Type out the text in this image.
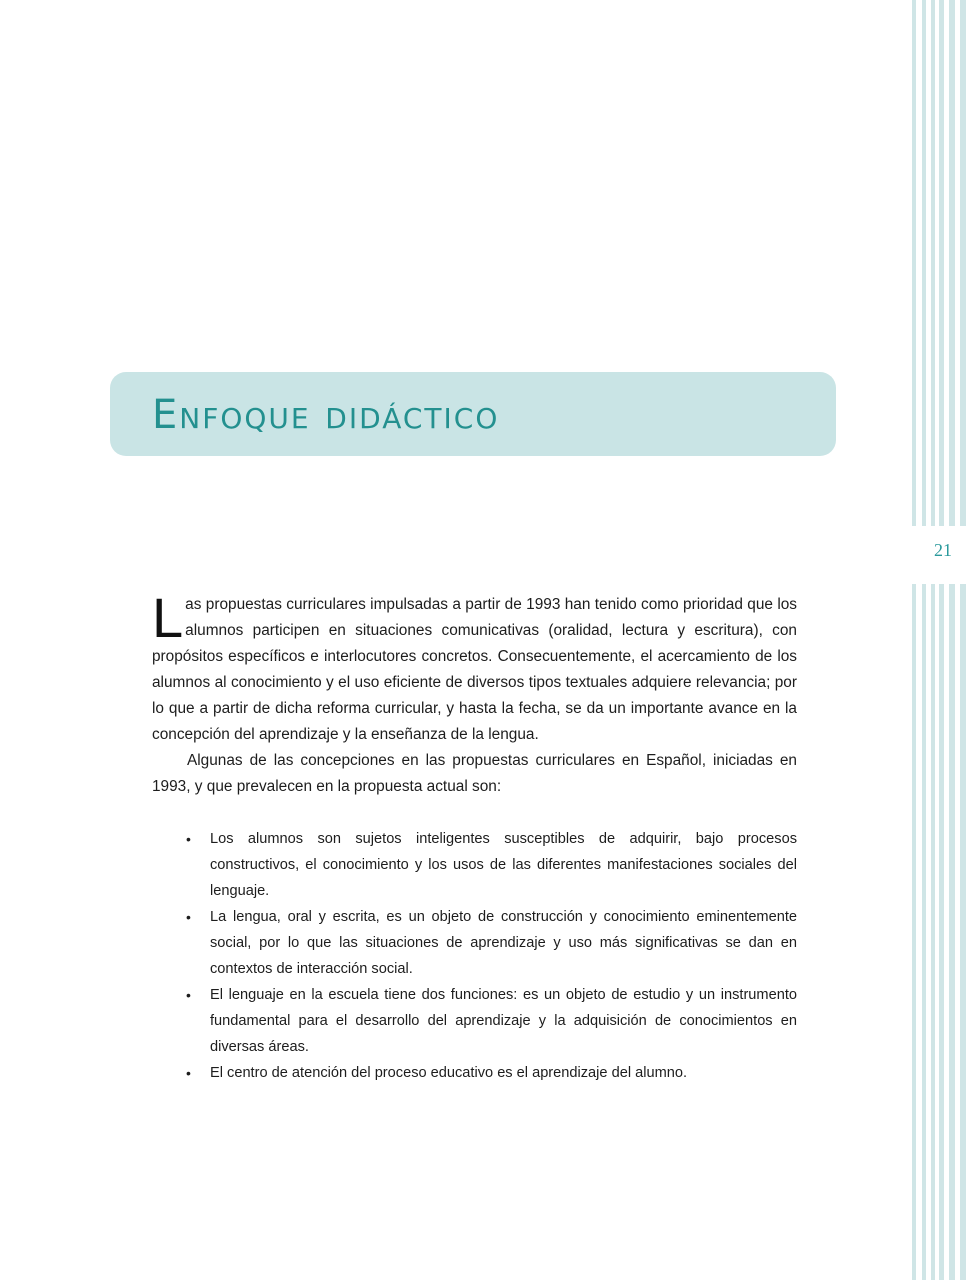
21
Enfoque didáctico

Las propuestas curriculares impulsadas a partir de 1993 han tenido como prioridad que los alumnos participen en situaciones comunicativas (oralidad, lectura y escritura), con propósitos específicos e interlocutores concretos. Consecuentemente, el acercamiento de los alumnos al conocimiento y el uso eficiente de diversos tipos textuales adquiere relevancia; por lo que a partir de dicha reforma curricular, y hasta la fecha, se da un importante avance en la concepción del aprendizaje y la enseñanza de la lengua.

Algunas de las concepciones en las propuestas curriculares en Español, iniciadas en 1993, y que prevalecen en la propuesta actual son:

• Los alumnos son sujetos inteligentes susceptibles de adquirir, bajo procesos constructivos, el conocimiento y los usos de las diferentes manifestaciones sociales del lenguaje.
• La lengua, oral y escrita, es un objeto de construcción y conocimiento eminentemente social, por lo que las situaciones de aprendizaje y uso más significativas se dan en contextos de interacción social.
• El lenguaje en la escuela tiene dos funciones: es un objeto de estudio y un instrumento fundamental para el desarrollo del aprendizaje y la adquisición de conocimientos en diversas áreas.
• El centro de atención del proceso educativo es el aprendizaje del alumno.
